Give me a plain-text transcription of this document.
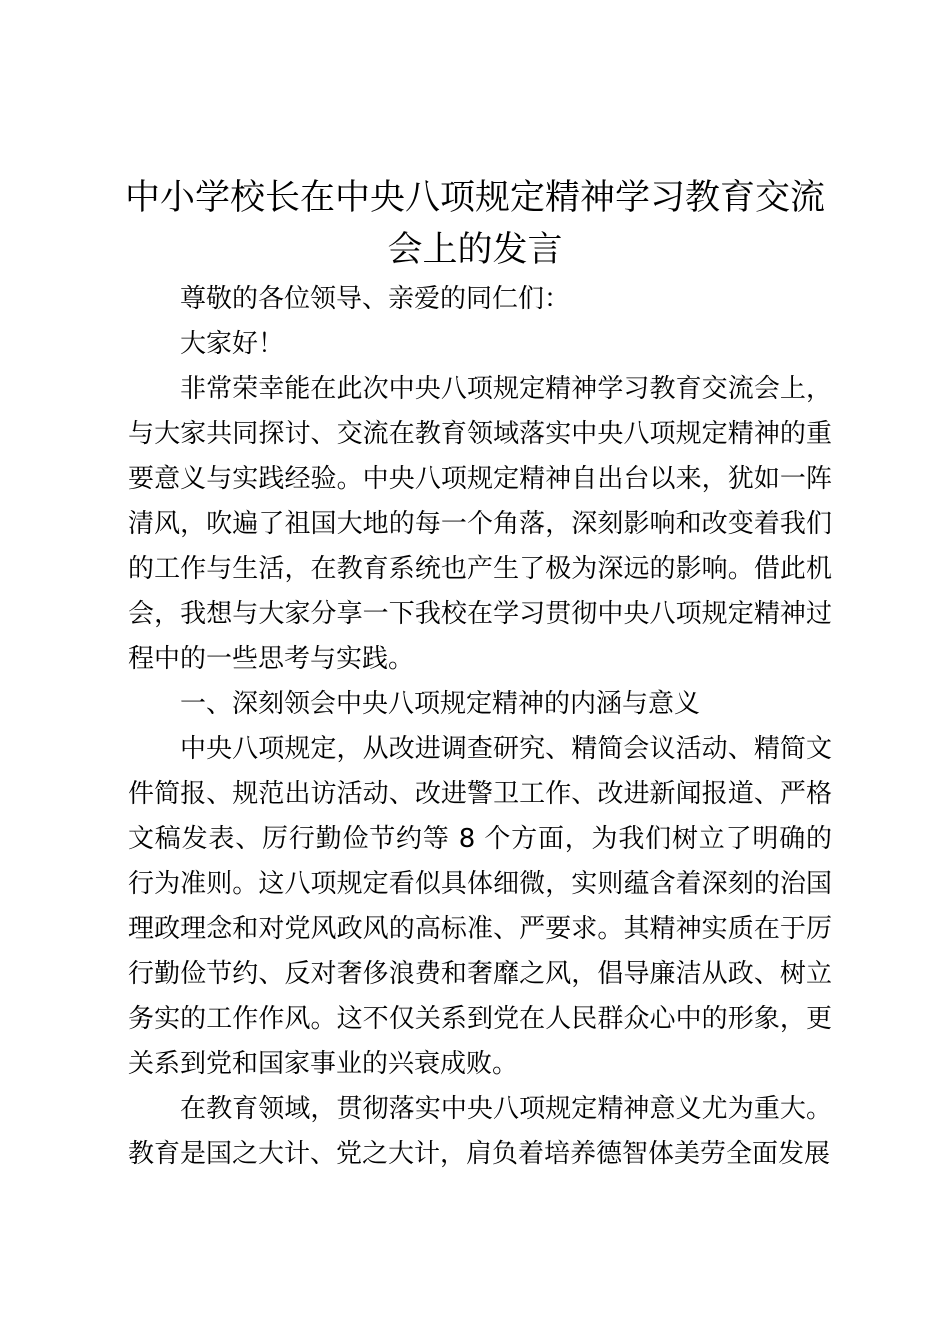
中小学校长在中央八项规定精神学习教育交流会上的发言

尊敬的各位领导、亲爱的同仁们：

大家好！

非常荣幸能在此次中央八项规定精神学习教育交流会上，与大家共同探讨、交流在教育领域落实中央八项规定精神的重要意义与实践经验。中央八项规定精神自出台以来，犹如一阵清风，吹遍了祖国大地的每一个角落，深刻影响和改变着我们的工作与生活，在教育系统也产生了极为深远的影响。借此机会，我想与大家分享一下我校在学习贯彻中央八项规定精神过程中的一些思考与实践。

一、深刻领会中央八项规定精神的内涵与意义

中央八项规定，从改进调查研究、精简会议活动、精简文件简报、规范出访活动、改进警卫工作、改进新闻报道、严格文稿发表、厉行勤俭节约等 8 个方面，为我们树立了明确的行为准则。这八项规定看似具体细微，实则蕴含着深刻的治国理政理念和对党风政风的高标准、严要求。其精神实质在于厉行勤俭节约、反对奢侈浪费和奢靡之风，倡导廉洁从政、树立务实的工作作风。这不仅关系到党在人民群众心中的形象，更关系到党和国家事业的兴衰成败。

在教育领域，贯彻落实中央八项规定精神意义尤为重大。教育是国之大计、党之大计，肩负着培养德智体美劳全面发展
